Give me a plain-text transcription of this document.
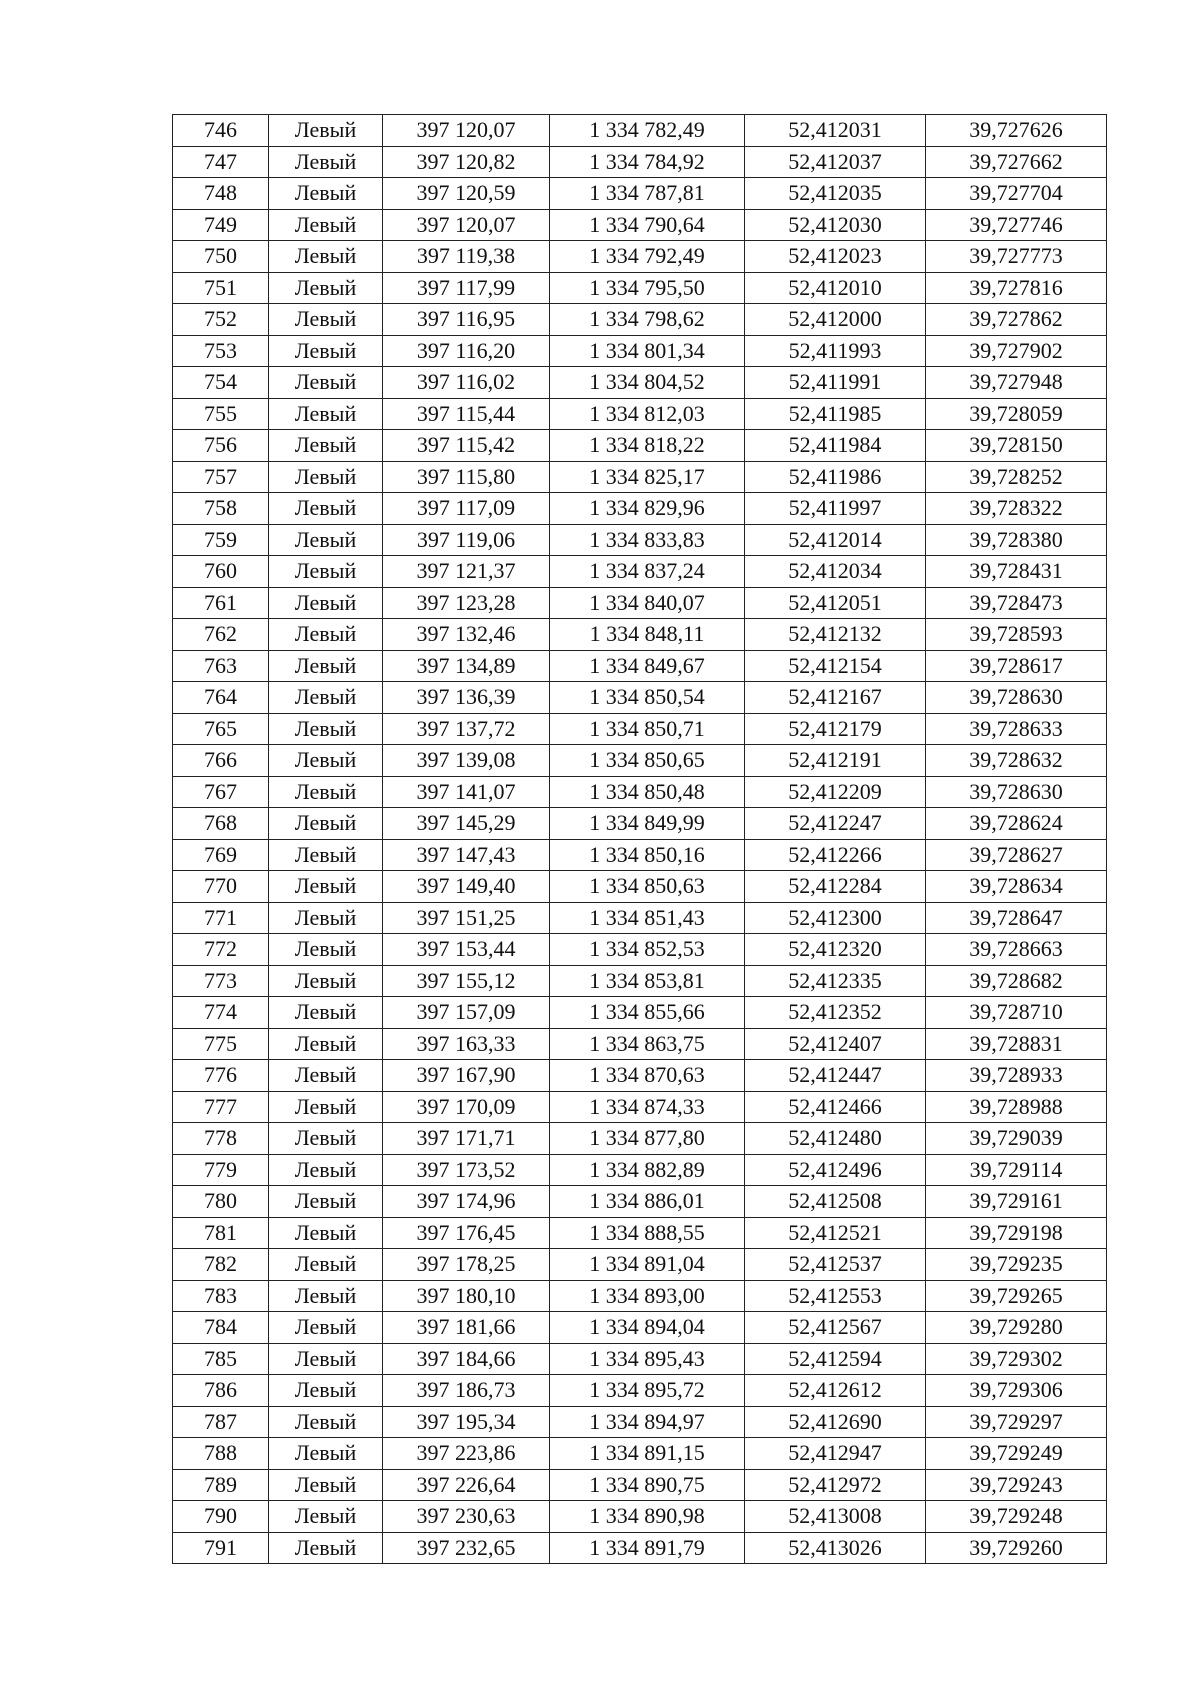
746	Левый	397 120,07	1 334 782,49	52,412031	39,727626
747	Левый	397 120,82	1 334 784,92	52,412037	39,727662
748	Левый	397 120,59	1 334 787,81	52,412035	39,727704
749	Левый	397 120,07	1 334 790,64	52,412030	39,727746
750	Левый	397 119,38	1 334 792,49	52,412023	39,727773
751	Левый	397 117,99	1 334 795,50	52,412010	39,727816
752	Левый	397 116,95	1 334 798,62	52,412000	39,727862
753	Левый	397 116,20	1 334 801,34	52,411993	39,727902
754	Левый	397 116,02	1 334 804,52	52,411991	39,727948
755	Левый	397 115,44	1 334 812,03	52,411985	39,728059
756	Левый	397 115,42	1 334 818,22	52,411984	39,728150
757	Левый	397 115,80	1 334 825,17	52,411986	39,728252
758	Левый	397 117,09	1 334 829,96	52,411997	39,728322
759	Левый	397 119,06	1 334 833,83	52,412014	39,728380
760	Левый	397 121,37	1 334 837,24	52,412034	39,728431
761	Левый	397 123,28	1 334 840,07	52,412051	39,728473
762	Левый	397 132,46	1 334 848,11	52,412132	39,728593
763	Левый	397 134,89	1 334 849,67	52,412154	39,728617
764	Левый	397 136,39	1 334 850,54	52,412167	39,728630
765	Левый	397 137,72	1 334 850,71	52,412179	39,728633
766	Левый	397 139,08	1 334 850,65	52,412191	39,728632
767	Левый	397 141,07	1 334 850,48	52,412209	39,728630
768	Левый	397 145,29	1 334 849,99	52,412247	39,728624
769	Левый	397 147,43	1 334 850,16	52,412266	39,728627
770	Левый	397 149,40	1 334 850,63	52,412284	39,728634
771	Левый	397 151,25	1 334 851,43	52,412300	39,728647
772	Левый	397 153,44	1 334 852,53	52,412320	39,728663
773	Левый	397 155,12	1 334 853,81	52,412335	39,728682
774	Левый	397 157,09	1 334 855,66	52,412352	39,728710
775	Левый	397 163,33	1 334 863,75	52,412407	39,728831
776	Левый	397 167,90	1 334 870,63	52,412447	39,728933
777	Левый	397 170,09	1 334 874,33	52,412466	39,728988
778	Левый	397 171,71	1 334 877,80	52,412480	39,729039
779	Левый	397 173,52	1 334 882,89	52,412496	39,729114
780	Левый	397 174,96	1 334 886,01	52,412508	39,729161
781	Левый	397 176,45	1 334 888,55	52,412521	39,729198
782	Левый	397 178,25	1 334 891,04	52,412537	39,729235
783	Левый	397 180,10	1 334 893,00	52,412553	39,729265
784	Левый	397 181,66	1 334 894,04	52,412567	39,729280
785	Левый	397 184,66	1 334 895,43	52,412594	39,729302
786	Левый	397 186,73	1 334 895,72	52,412612	39,729306
787	Левый	397 195,34	1 334 894,97	52,412690	39,729297
788	Левый	397 223,86	1 334 891,15	52,412947	39,729249
789	Левый	397 226,64	1 334 890,75	52,412972	39,729243
790	Левый	397 230,63	1 334 890,98	52,413008	39,729248
791	Левый	397 232,65	1 334 891,79	52,413026	39,729260
